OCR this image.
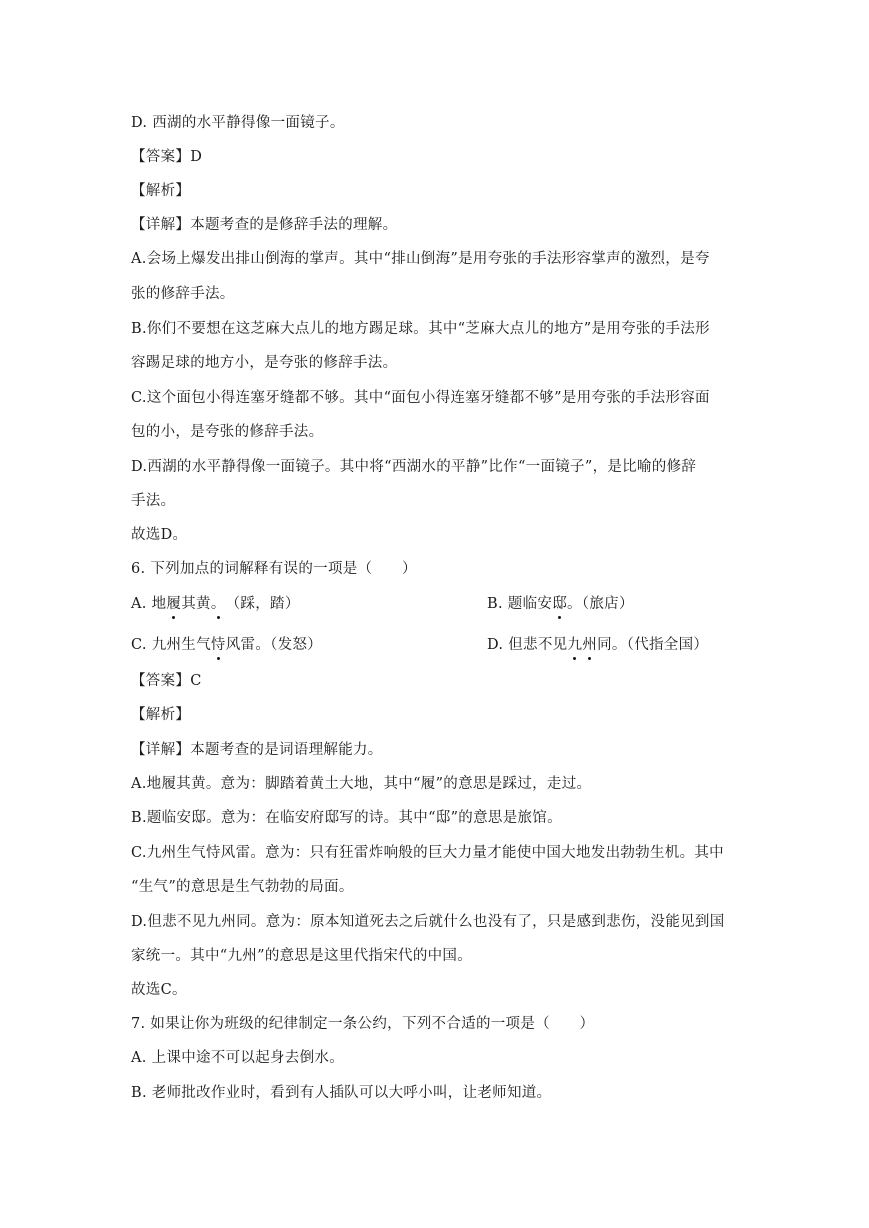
D. 西湖的水平静得像一面镜子。
【答案】D
【解析】
【详解】本题考查的是修辞手法的理解。
A.会场上爆发出排山倒海的掌声。其中“排山倒海”是用夸张的手法形容掌声的激烈，是夸
张的修辞手法。
B.你们不要想在这芝麻大点儿的地方踢足球。其中“芝麻大点儿的地方”是用夸张的手法形
容踢足球的地方小，是夸张的修辞手法。
C.这个面包小得连塞牙缝都不够。其中“面包小得连塞牙缝都不够”是用夸张的手法形容面
包的小，是夸张的修辞手法。
D.西湖的水平静得像一面镜子。其中将“西湖水的平静”比作“一面镜子”，是比喻的修辞
手法。
故选D。
6. 下列加点的词解释有误的一项是（　　）
A. 地履其黄。（踩，踏）	B. 题临安邸。（旅店）
C. 九州生气恃风雷。（发怒）	D. 但悲不见九州同。（代指全国）
【答案】C
【解析】
【详解】本题考查的是词语理解能力。
A.地履其黄。意为：脚踏着黄土大地，其中“履”的意思是踩过，走过。
B.题临安邸。意为：在临安府邸写的诗。其中“邸”的意思是旅馆。
C.九州生气恃风雷。意为：只有狂雷炸响般的巨大力量才能使中国大地发出勃勃生机。其中
“生气”的意思是生气勃勃的局面。
D.但悲不见九州同。意为：原本知道死去之后就什么也没有了，只是感到悲伤，没能见到国
家统一。其中“九州”的意思是这里代指宋代的中国。
故选C。
7. 如果让你为班级的纪律制定一条公约，下列不合适的一项是（　　）
A. 上课中途不可以起身去倒水。
B. 老师批改作业时，看到有人插队可以大呼小叫，让老师知道。
